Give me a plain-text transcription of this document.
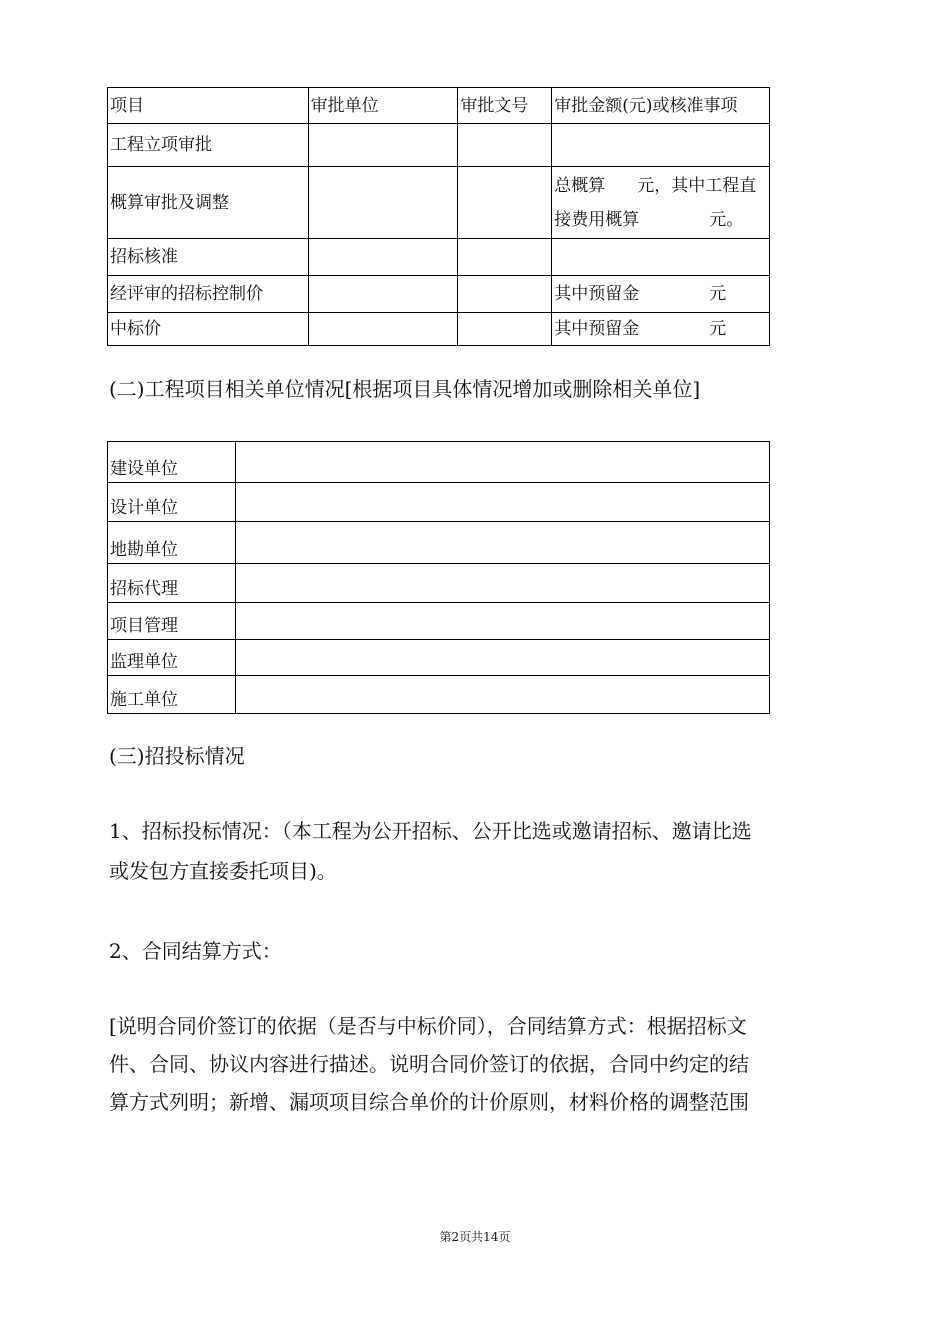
项目	审批单位	审批文号	审批金额(元)或核准事项
工程立项审批			
概算审批及调整			总概算 元，其中工程直
接费用概算 元。

招标核准			
经评审的招标控制价			其中预留金 元
中标价			其中预留金 元

(二)工程项目相关单位情况[根据项目具体情况增加或删除相关单位]

建设单位	
设计单位	
地勘单位	
招标代理	
项目管理	
监理单位	
施工单位	

(三)招投标情况

1、招标投标情况：（本工程为公开招标、公开比选或邀请招标、邀请比选
或发包方直接委托项目)。

2、合同结算方式：

[说明合同价签订的依据（是否与中标价同），合同结算方式：根据招标文
件、合同、协议内容进行描述。说明合同价签订的依据，合同中约定的结
算方式列明；新增、漏项项目综合单价的计价原则，材料价格的调整范围

第2页共14页
